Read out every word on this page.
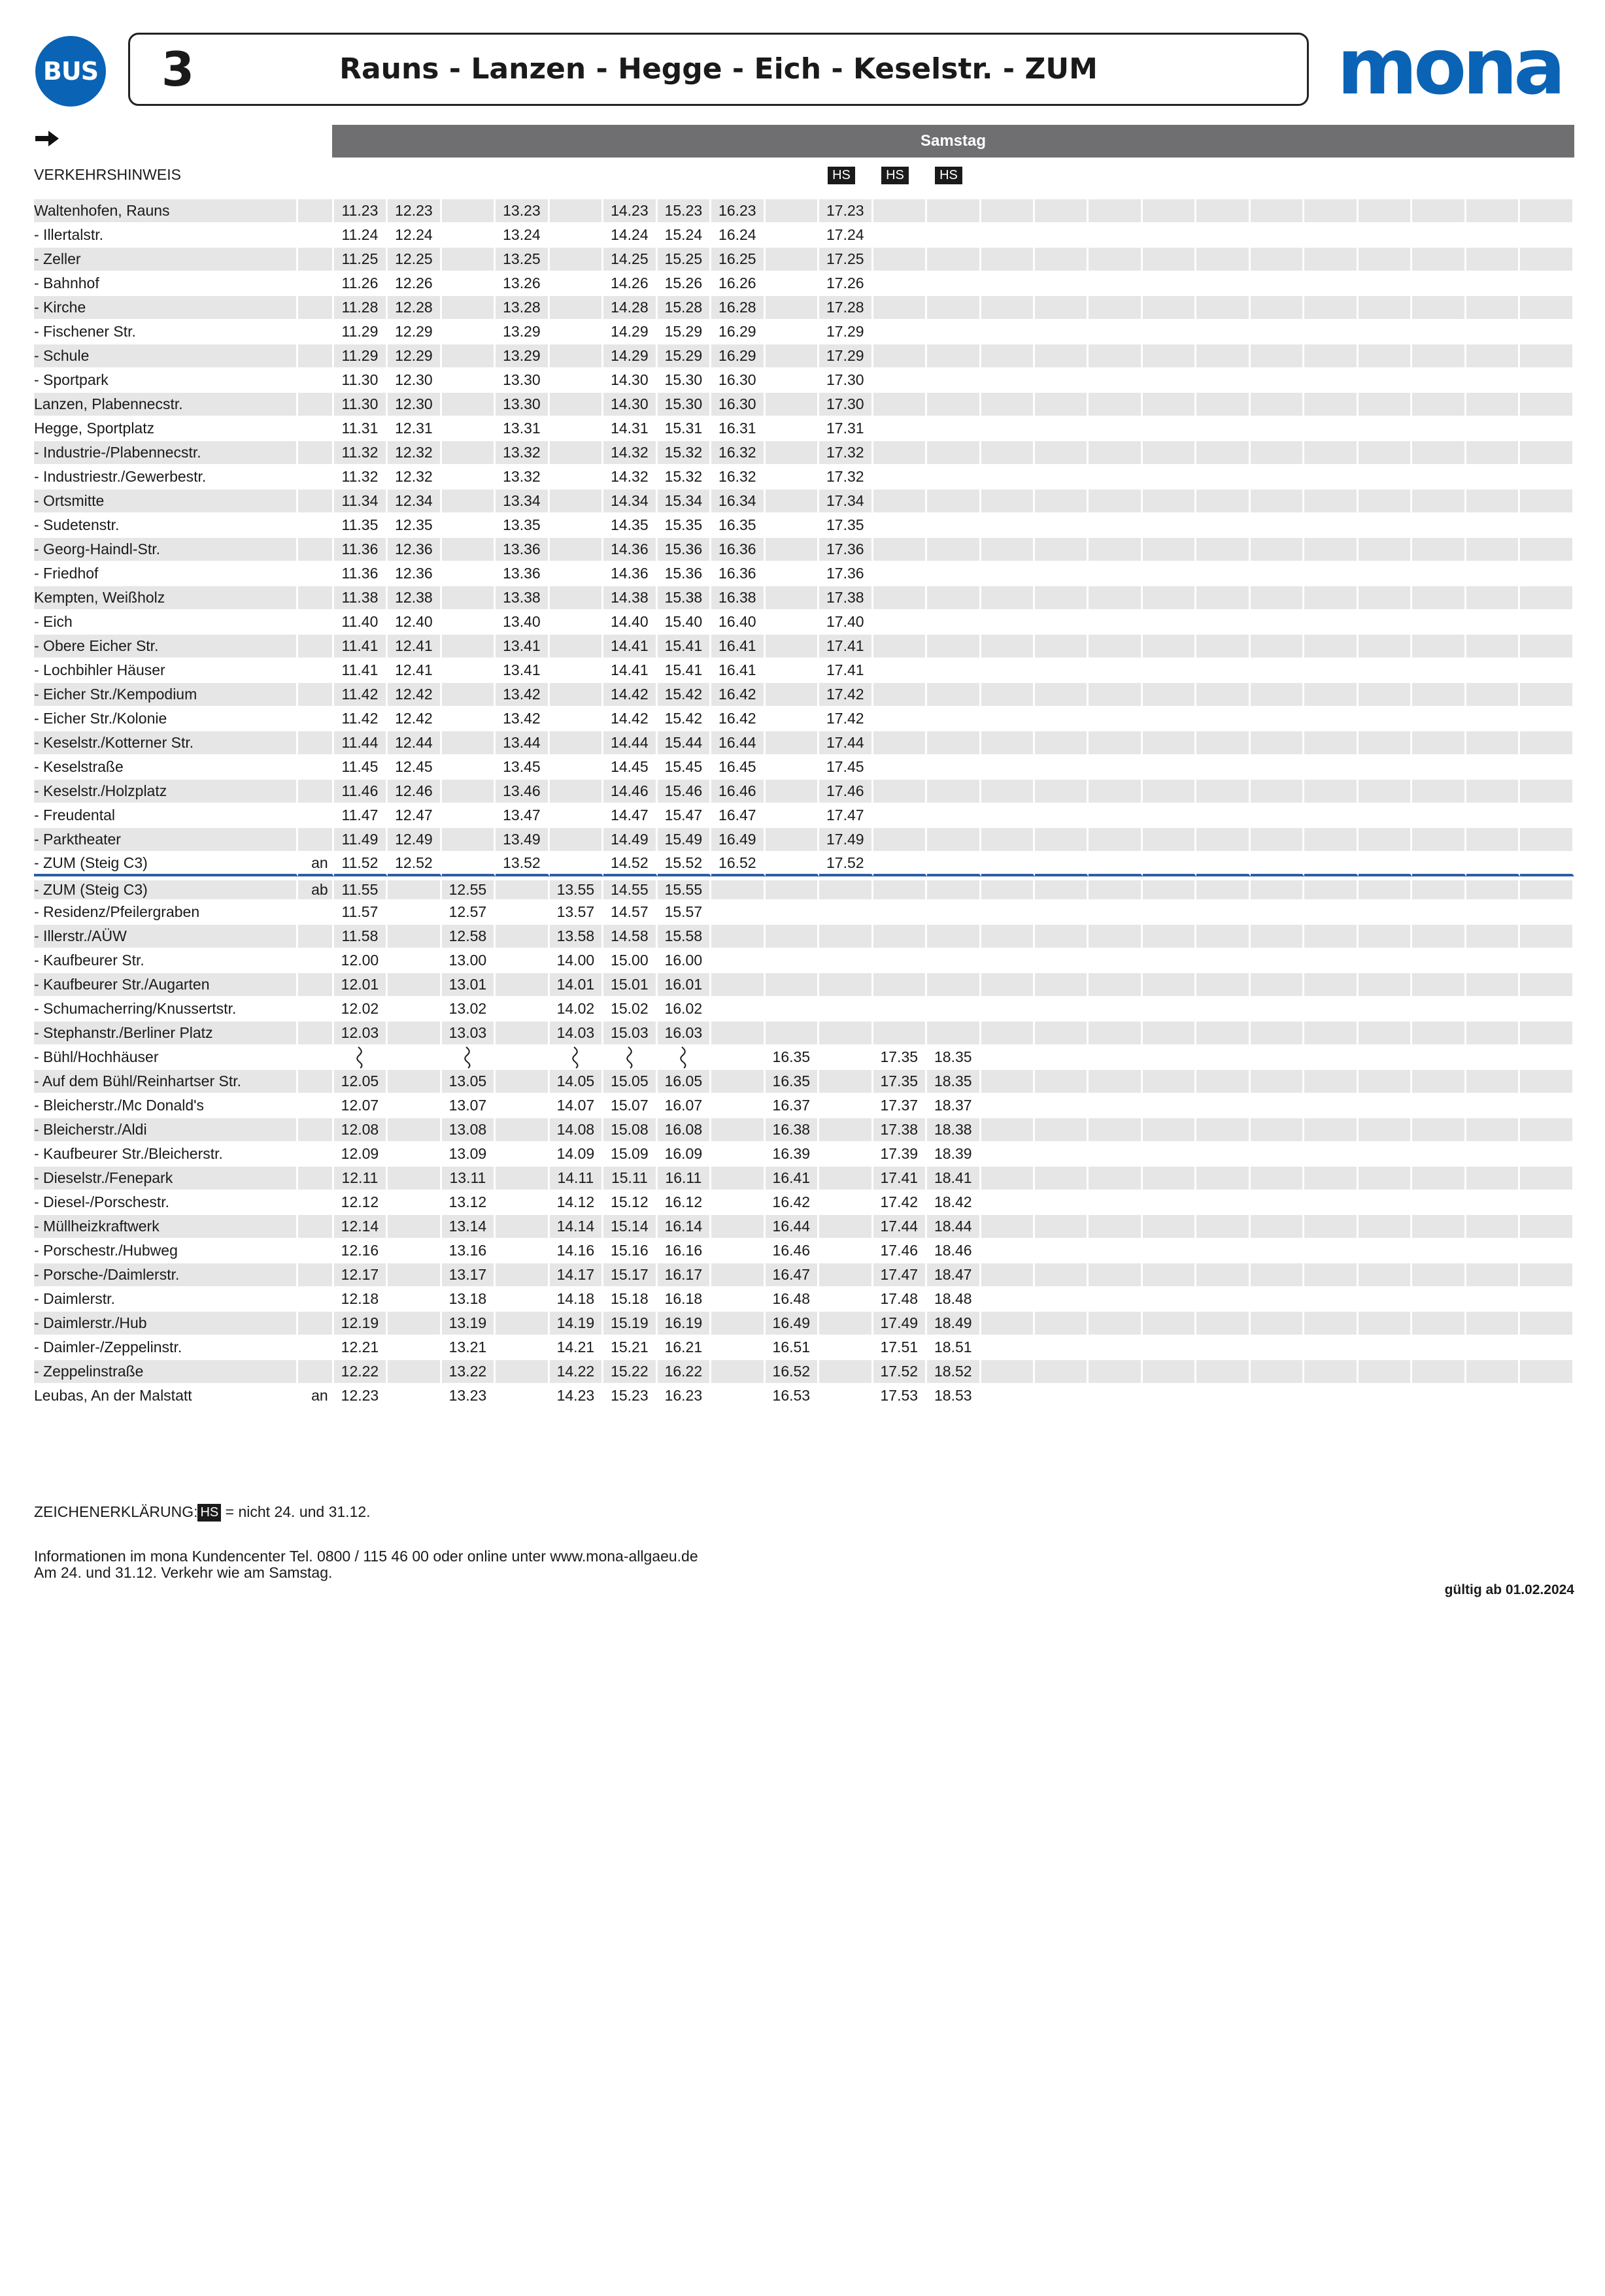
BUS 3	Rauns - Lanzen - Hegge - Eich - Keselstr. - ZUM	mona
Samstag
VERKEHRSHINWEIS	HS	HS	HS
Waltenhofen, Rauns		11.23	12.23		13.23		14.23	15.23	16.23		17.23													
- Illertalstr.		11.24	12.24		13.24		14.24	15.24	16.24		17.24													
- Zeller		11.25	12.25		13.25		14.25	15.25	16.25		17.25													
- Bahnhof		11.26	12.26		13.26		14.26	15.26	16.26		17.26													
- Kirche		11.28	12.28		13.28		14.28	15.28	16.28		17.28													
- Fischener Str.		11.29	12.29		13.29		14.29	15.29	16.29		17.29													
- Schule		11.29	12.29		13.29		14.29	15.29	16.29		17.29													
- Sportpark		11.30	12.30		13.30		14.30	15.30	16.30		17.30													
Lanzen, Plabennecstr.		11.30	12.30		13.30		14.30	15.30	16.30		17.30													
Hegge, Sportplatz		11.31	12.31		13.31		14.31	15.31	16.31		17.31													
- Industrie-/Plabennecstr.		11.32	12.32		13.32		14.32	15.32	16.32		17.32													
- Industriestr./Gewerbestr.		11.32	12.32		13.32		14.32	15.32	16.32		17.32													
- Ortsmitte		11.34	12.34		13.34		14.34	15.34	16.34		17.34													
- Sudetenstr.		11.35	12.35		13.35		14.35	15.35	16.35		17.35													
- Georg-Haindl-Str.		11.36	12.36		13.36		14.36	15.36	16.36		17.36													
- Friedhof		11.36	12.36		13.36		14.36	15.36	16.36		17.36													
Kempten, Weißholz		11.38	12.38		13.38		14.38	15.38	16.38		17.38													
- Eich		11.40	12.40		13.40		14.40	15.40	16.40		17.40													
- Obere Eicher Str.		11.41	12.41		13.41		14.41	15.41	16.41		17.41													
- Lochbihler Häuser		11.41	12.41		13.41		14.41	15.41	16.41		17.41													
- Eicher Str./Kempodium		11.42	12.42		13.42		14.42	15.42	16.42		17.42													
- Eicher Str./Kolonie		11.42	12.42		13.42		14.42	15.42	16.42		17.42													
- Keselstr./Kotterner Str.		11.44	12.44		13.44		14.44	15.44	16.44		17.44													
- Keselstraße		11.45	12.45		13.45		14.45	15.45	16.45		17.45													
- Keselstr./Holzplatz		11.46	12.46		13.46		14.46	15.46	16.46		17.46													
- Freudental		11.47	12.47		13.47		14.47	15.47	16.47		17.47													
- Parktheater		11.49	12.49		13.49		14.49	15.49	16.49		17.49													
- ZUM (Steig C3)	an	11.52	12.52		13.52		14.52	15.52	16.52		17.52													
- ZUM (Steig C3)	ab	11.55		12.55		13.55	14.55	15.55																
- Residenz/Pfeilergraben		11.57		12.57		13.57	14.57	15.57																
- Illerstr./AÜW		11.58		12.58		13.58	14.58	15.58																
- Kaufbeurer Str.		12.00		13.00		14.00	15.00	16.00																
- Kaufbeurer Str./Augarten		12.01		13.01		14.01	15.01	16.01																
- Schumacherring/Knussertstr.		12.02		13.02		14.02	15.02	16.02																
- Stephanstr./Berliner Platz		12.03		13.03		14.03	15.03	16.03																
- Bühl/Hochhäuser										16.35		17.35	18.35											
- Auf dem Bühl/Reinhartser Str.		12.05		13.05		14.05	15.05	16.05		16.35		17.35	18.35											
- Bleicherstr./Mc Donald's		12.07		13.07		14.07	15.07	16.07		16.37		17.37	18.37											
- Bleicherstr./Aldi		12.08		13.08		14.08	15.08	16.08		16.38		17.38	18.38											
- Kaufbeurer Str./Bleicherstr.		12.09		13.09		14.09	15.09	16.09		16.39		17.39	18.39											
- Dieselstr./Fenepark		12.11		13.11		14.11	15.11	16.11		16.41		17.41	18.41											
- Diesel-/Porschestr.		12.12		13.12		14.12	15.12	16.12		16.42		17.42	18.42											
- Müllheizkraftwerk		12.14		13.14		14.14	15.14	16.14		16.44		17.44	18.44											
- Porschestr./Hubweg		12.16		13.16		14.16	15.16	16.16		16.46		17.46	18.46											
- Porsche-/Daimlerstr.		12.17		13.17		14.17	15.17	16.17		16.47		17.47	18.47											
- Daimlerstr.		12.18		13.18		14.18	15.18	16.18		16.48		17.48	18.48											
- Daimlerstr./Hub		12.19		13.19		14.19	15.19	16.19		16.49		17.49	18.49											
- Daimler-/Zeppelinstr.		12.21		13.21		14.21	15.21	16.21		16.51		17.51	18.51											
- Zeppelinstraße		12.22		13.22		14.22	15.22	16.22		16.52		17.52	18.52											
Leubas, An der Malstatt	an	12.23		13.23		14.23	15.23	16.23		16.53		17.53	18.53											
ZEICHENERKLÄRUNG: HS = nicht 24. und 31.12.
Informationen im mona Kundencenter Tel. 0800 / 115 46 00 oder online unter www.mona-allgaeu.de
Am 24. und 31.12. Verkehr wie am Samstag.
gültig ab 01.02.2024
